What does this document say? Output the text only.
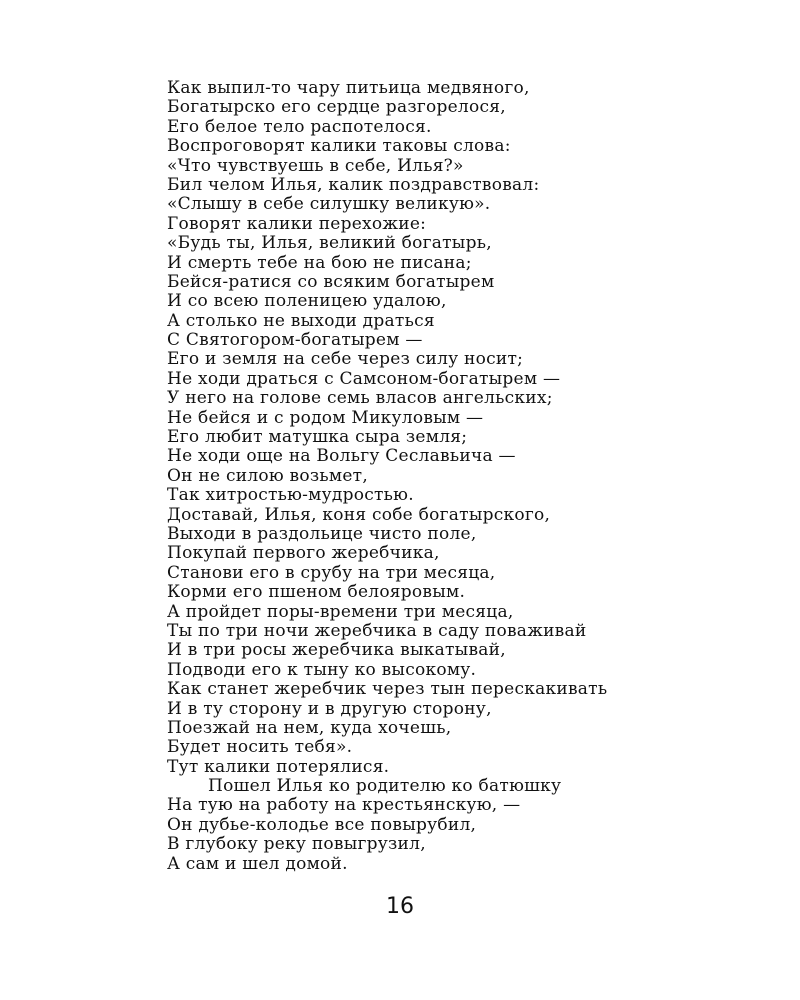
Как выпил-то чару питьица медвяного,
Богатырско его сердце разгорелося,
Его белое тело распотелося.
Воспроговорят калики таковы слова:
«Что чувствуешь в себе, Илья?»
Бил челом Илья, калик поздравствовал:
«Слышу в себе силушку великую».
Говорят калики перехожие:
«Будь ты, Илья, великий богатырь,
И смерть тебе на бою не писана;
Бейся-ратися со всяким богатырем
И со всею поленицею удалою,
А столько не выходи драться
С Святогором-богатырем —
Его и земля на себе через силу носит;
Не ходи драться с Самсоном-богатырем —
У него на голове семь власов ангельских;
Не бейся и с родом Микуловым —
Его любит матушка сыра земля;
Не ходи още на Вольгу Сеславьича —
Он не силою возьмет,
Так хитростью-мудростью.
Доставай, Илья, коня собе богатырского,
Выходи в раздольице чисто поле,
Покупай первого жеребчика,
Станови его в срубу на три месяца,
Корми его пшеном белояровым.
А пройдет поры-времени три месяца,
Ты по три ночи жеребчика в саду поваживай
И в три росы жеребчика выкатывай,
Подводи его к тыну ко высокому.
Как станет жеребчик через тын перескакивать
И в ту сторону и в другую сторону,
Поезжай на нем, куда хочешь,
Будет носить тебя».
Тут калики потерялися.
Пошел Илья ко родителю ко батюшку
На тую на работу на крестьянскую, —
Он дубье-колодье все повырубил,
В глубоку реку повыгрузил,
А сам и шел домой.
16
